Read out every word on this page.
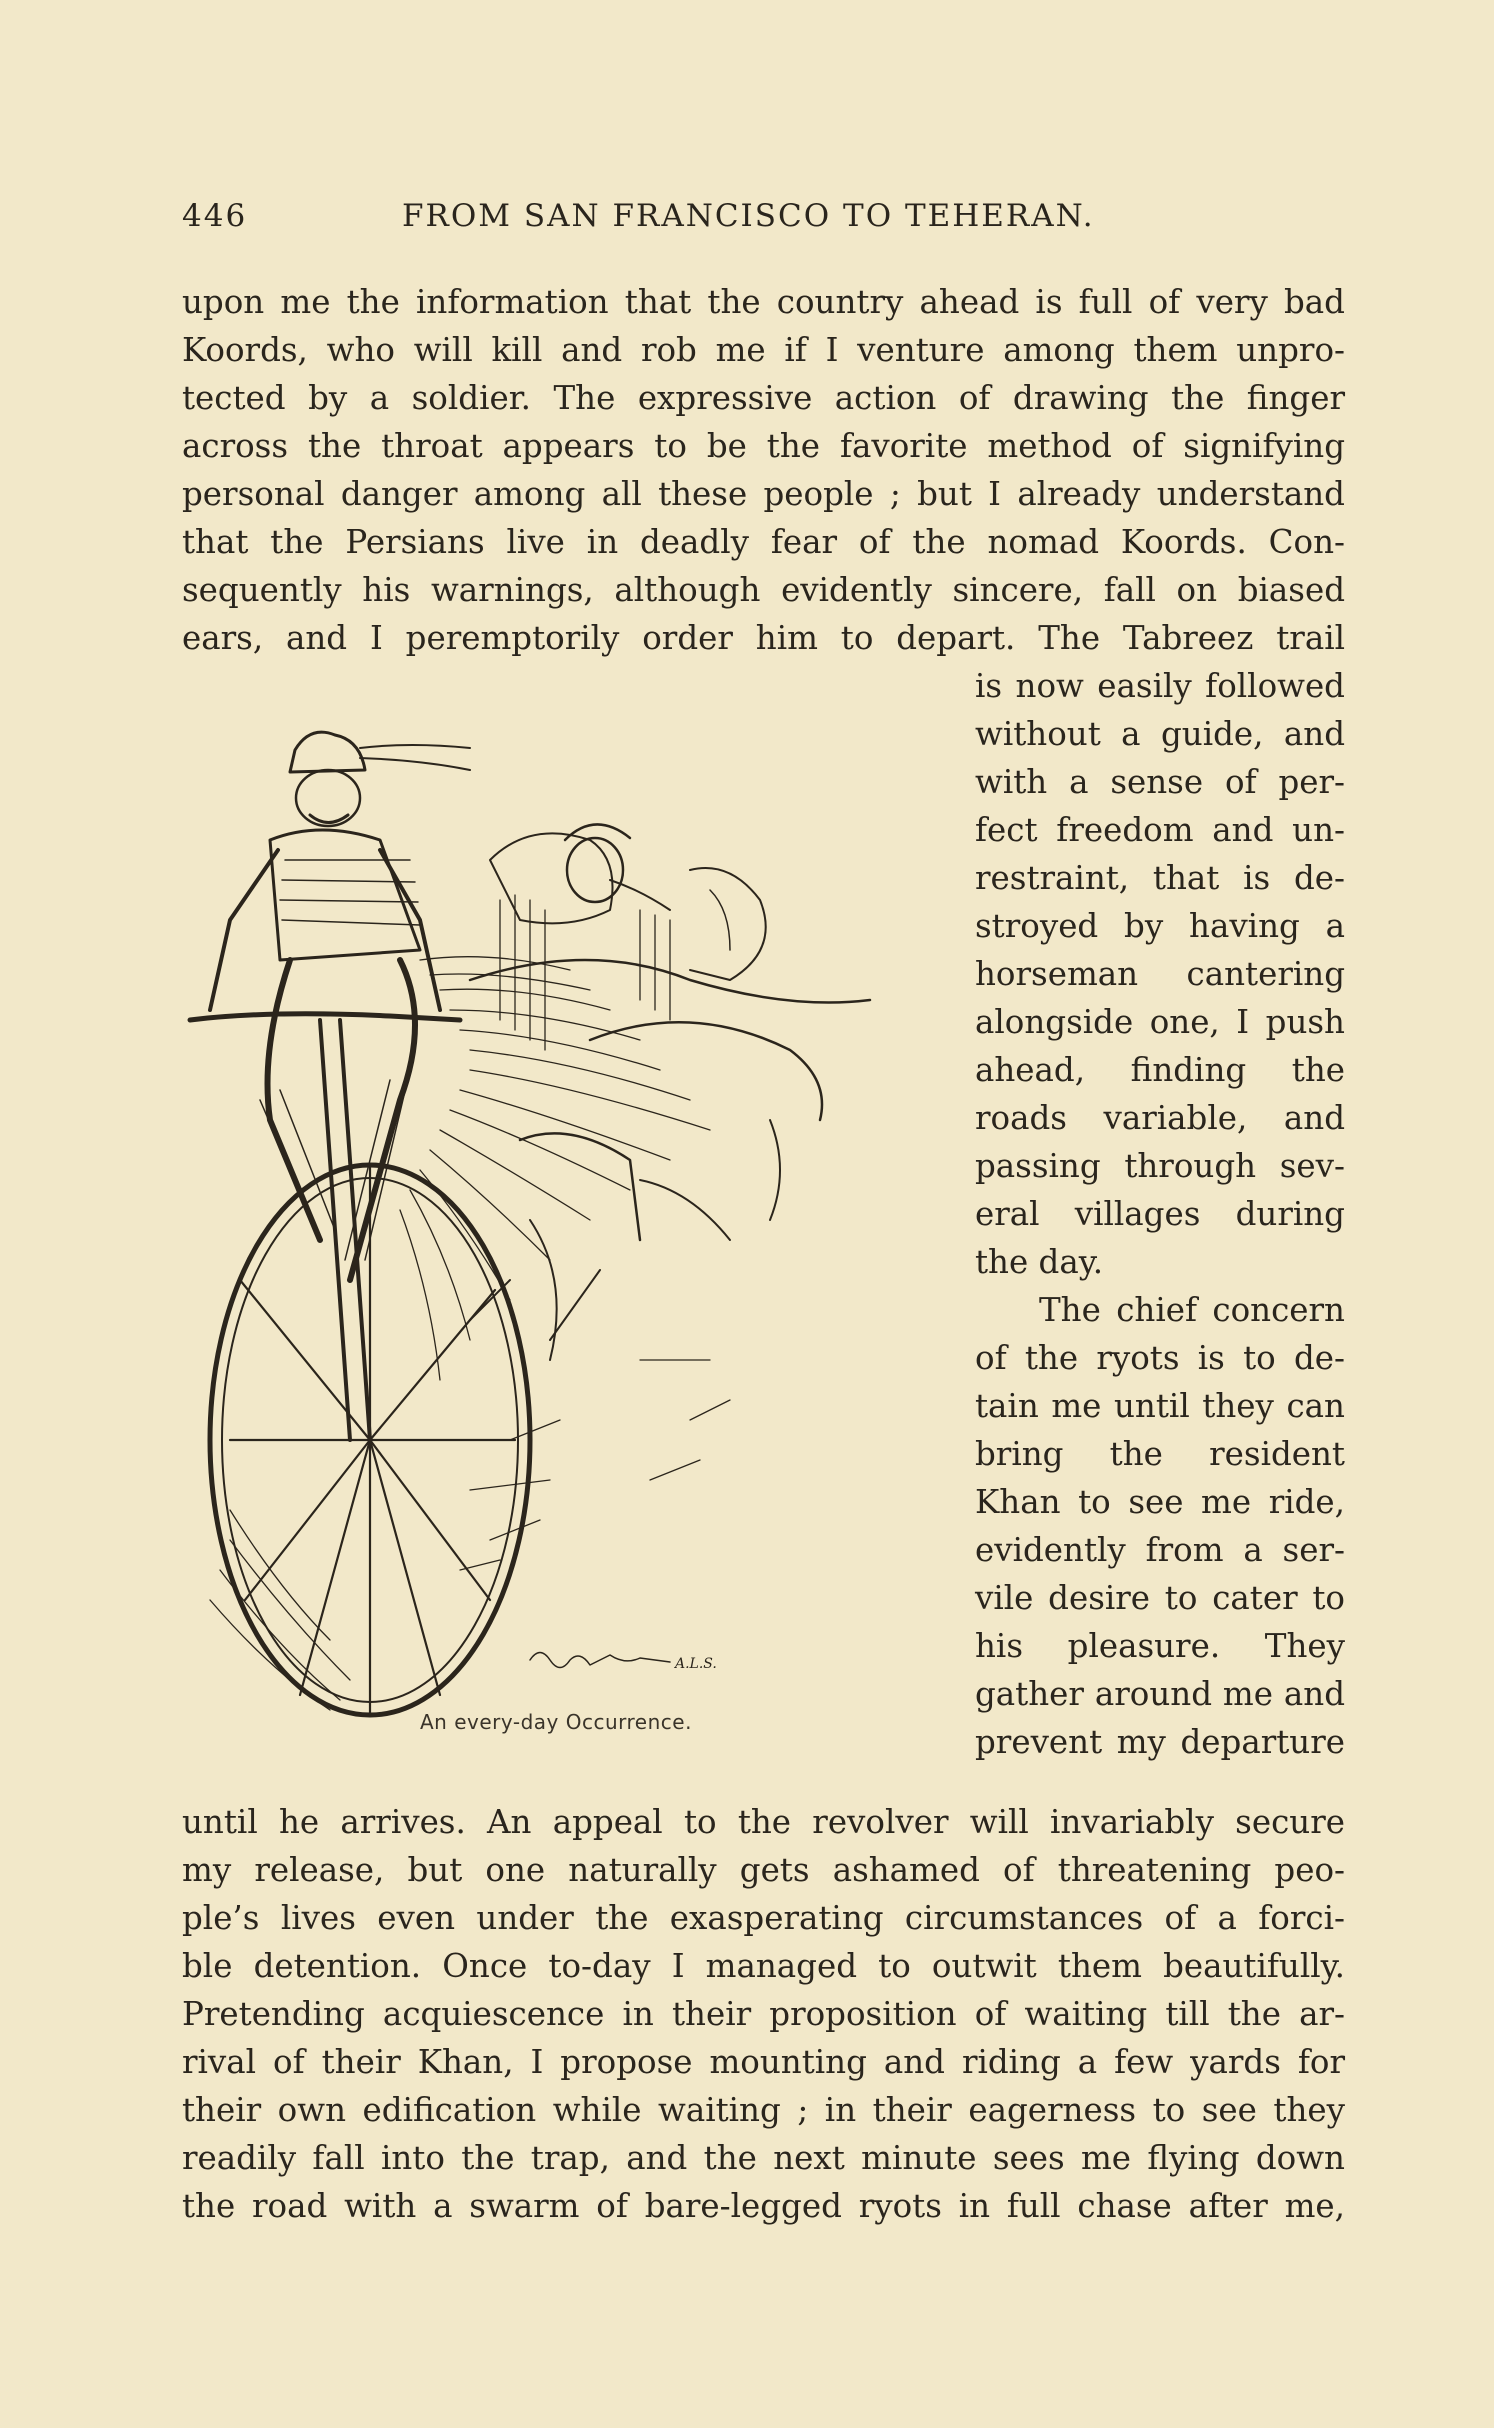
446	FROM SAN FRANCISCO TO TEHERAN.
upon me the information that the country ahead is full of very bad
Koords, who will kill and rob me if I venture among them unpro-
tected by a soldier. The expressive action of drawing the finger
across the throat appears to be the favorite method of signifying
personal danger among all these people ; but I already understand
that the Persians live in deadly fear of the nomad Koords. Con-
sequently his warnings, although evidently sincere, fall on biased
ears, and I peremptorily order him to depart. The Tabreez trail
is now easily followed
without a guide, and
with a sense of per-
fect freedom and un-
restraint, that is de-
stroyed by having a
horseman cantering
alongside one, I push
ahead, finding the
roads variable, and
passing through sev-
eral villages during
the day.
The chief concern
of the ryots is to de-
tain me until they can
bring the resident
Khan to see me ride,
evidently from a ser-
vile desire to cater to
his pleasure. They
gather around me and
prevent my departure
until he arrives. An appeal to the revolver will invariably secure
my release, but one naturally gets ashamed of threatening peo-
ple’s lives even under the exasperating circumstances of a forci-
ble detention. Once to-day I managed to outwit them beautifully.
Pretending acquiescence in their proposition of waiting till the ar-
rival of their Khan, I propose mounting and riding a few yards for
their own edification while waiting ; in their eagerness to see they
readily fall into the trap, and the next minute sees me flying down
the road with a swarm of bare-legged ryots in full chase after me,
A.L.S.
An every-day Occurrence.
